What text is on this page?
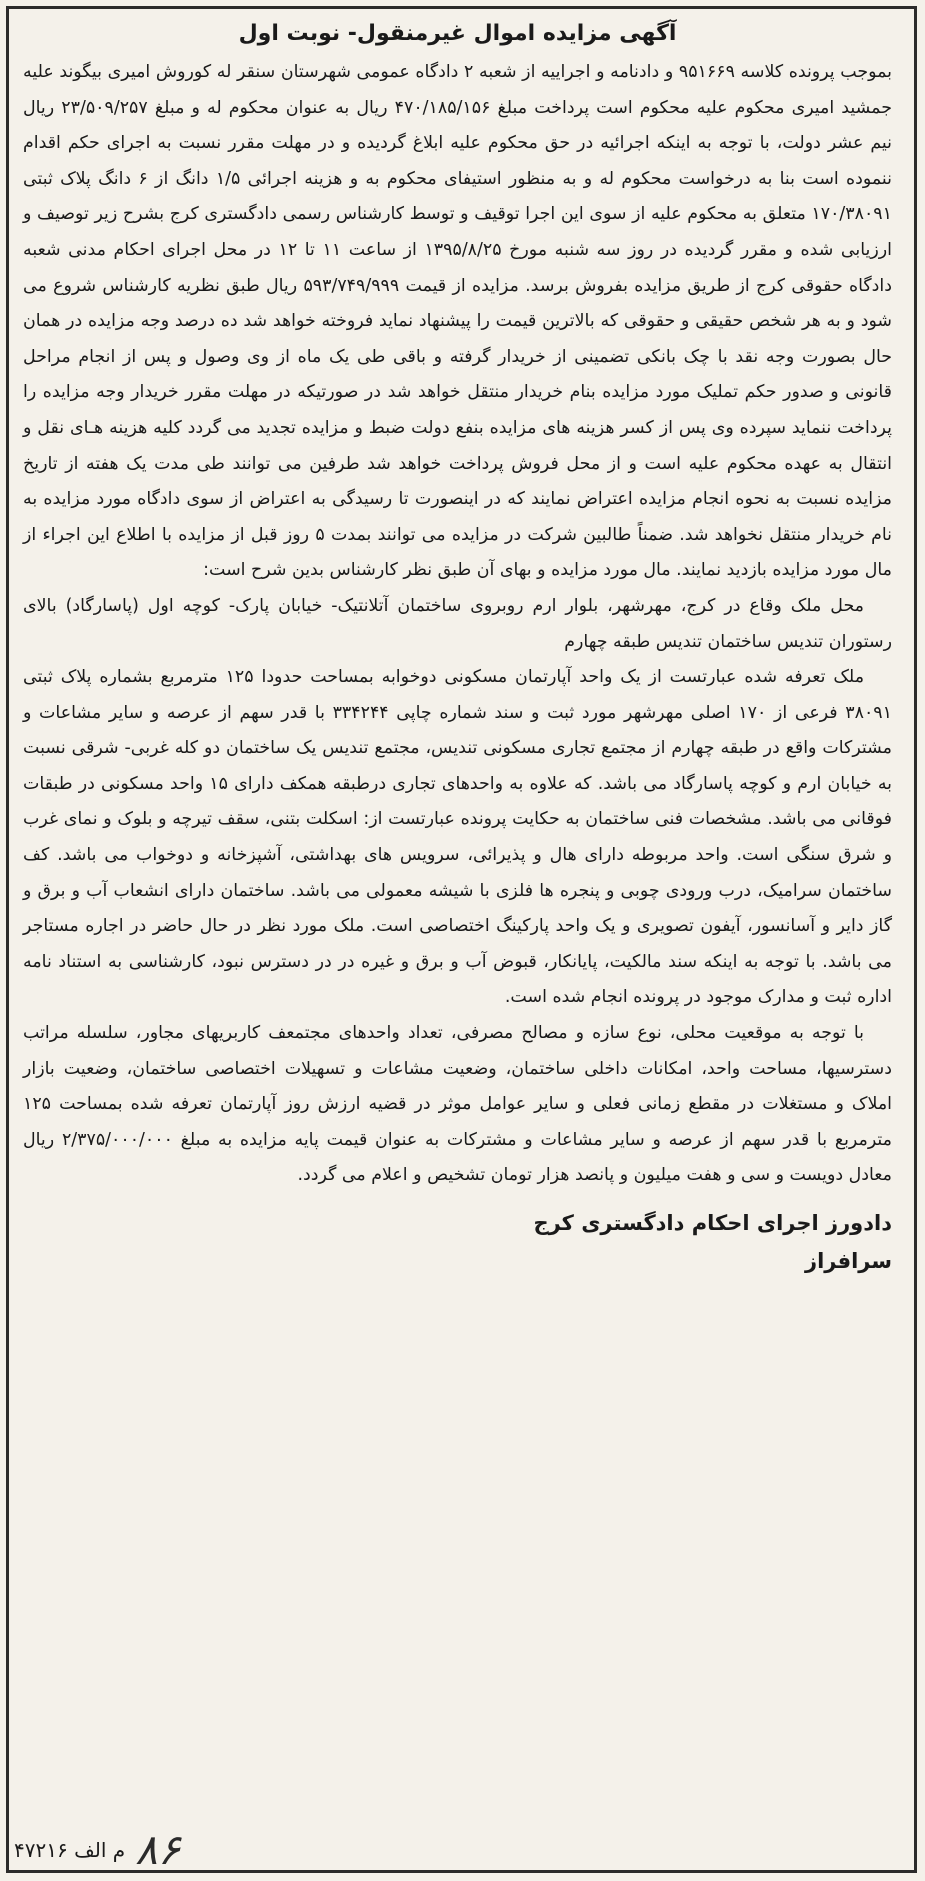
آگهی مزایده اموال غیرمنقول- نوبت اول

بموجب پرونده کلاسه ۹۵۱۶۶۹ و دادنامه و اجراییه از شعبه ۲ دادگاه عمومی شهرستان سنقر له کوروش امیری بیگوند علیه جمشید امیری محکوم علیه محکوم است پرداخت مبلغ ۴۷۰/۱۸۵/۱۵۶ ریال به عنوان محکوم له و مبلغ ۲۳/۵۰۹/۲۵۷ ریال نیم عشر دولت، با توجه به اینکه اجرائیه در حق محکوم علیه ابلاغ گردیده و در مهلت مقرر نسبت به اجرای حکم اقدام ننموده است بنا به درخواست محکوم له و به منظور استیفای محکوم به و هزینه اجرائی ۱/۵ دانگ از ۶ دانگ پلاک ثبتی ۱۷۰/۳۸۰۹۱ متعلق به محکوم علیه از سوی این اجرا توقیف و توسط کارشناس رسمی دادگستری کرج بشرح زیر توصیف و ارزیابی شده و مقرر گردیده در روز سه شنبه مورخ ۱۳۹۵/۸/۲۵ از ساعت ۱۱ تا ۱۲ در محل اجرای احکام مدنی شعبه دادگاه حقوقی کرج از طریق مزایده بفروش برسد. مزایده از قیمت ۵۹۳/۷۴۹/۹۹۹ ریال طبق نظریه کارشناس شروع می شود و به هر شخص حقیقی و حقوقی که بالاترین قیمت را پیشنهاد نماید فروخته خواهد شد ده درصد وجه مزایده در همان حال بصورت وجه نقد با چک بانکی تضمینی از خریدار گرفته و باقی طی یک ماه از وی وصول و پس از انجام مراحل قانونی و صدور حکم تملیک مورد مزایده بنام خریدار منتقل خواهد شد در صورتیکه در مهلت مقرر خریدار وجه مزایده را پرداخت ننماید سپرده وی پس از کسر هزینه های مزایده بنفع دولت ضبط و مزایده تجدید می گردد کلیه هزینه هـای نقل و انتقال به عهده محکوم علیه است و از محل فروش پرداخت خواهد شد طرفین می توانند طی مدت یک هفته از تاریخ مزایده نسبت به نحوه انجام مزایده اعتراض نمایند که در اینصورت تا رسیدگی به اعتراض از سوی دادگاه مورد مزایده به نام خریدار منتقل نخواهد شد. ضمناً طالبین شرکت در مزایده می توانند بمدت ۵ روز قبل از مزایده با اطلاع این اجراء از مال مورد مزایده بازدید نمایند. مال مورد مزایده و بهای آن طبق نظر کارشناس بدین شرح است:

محل ملک وقاع در کرج، مهرشهر، بلوار ارم روبروی ساختمان آتلانتیک- خیابان پارک- کوچه اول (پاسارگاد) بالای رستوران تندیس ساختمان تندیس طبقه چهارم

ملک تعرفه شده عبارتست از یک واحد آپارتمان مسکونی دوخوابه بمساحت حدودا ۱۲۵ مترمربع بشماره پلاک ثبتی ۳۸۰۹۱ فرعی از ۱۷۰ اصلی مهرشهر مورد ثبت و سند شماره چاپی ۳۳۴۲۴۴ با قدر سهم از عرصه و سایر مشاعات و مشترکات واقع در طبقه چهارم از مجتمع تجاری مسکونی تندیس، مجتمع تندیس یک ساختمان دو کله غربی- شرقی نسبت به خیابان ارم و کوچه پاسارگاد می باشد. که علاوه به واحدهای تجاری درطبقه همکف دارای ۱۵ واحد مسکونی در طبقات فوقانی می باشد. مشخصات فنی ساختمان به حکایت پرونده عبارتست از: اسکلت بتنی، سقف تیرچه و بلوک و نمای غرب و شرق سنگی است. واحد مربوطه دارای هال و پذیرائی، سرویس های بهداشتی، آشپزخانه و دوخواب می باشد. کف ساختمان سرامیک، درب ورودی چوبی و پنجره ها فلزی با شیشه معمولی می باشد. ساختمان دارای انشعاب آب و برق و گاز دایر و آسانسور، آیفون تصویری و یک واحد پارکینگ اختصاصی است. ملک مورد نظر در حال حاضر در اجاره مستاجر می باشد. با توجه به اینکه سند مالکیت، پایانکار، قبوض آب و برق و غیره در در دسترس نبود، کارشناسی به استناد نامه اداره ثبت و مدارک موجود در پرونده انجام شده است.

با توجه به موقعیت محلی، نوع سازه و مصالح مصرفی، تعداد واحدهای مجتمعف کاربریهای مجاور، سلسله مراتب دسترسیها، مساحت واحد، امکانات داخلی ساختمان، وضعیت مشاعات و تسهیلات اختصاصی ساختمان، وضعیت بازار املاک و مستغلات در مقطع زمانی فعلی و سایر عوامل موثر در قضیه ارزش روز آپارتمان تعرفه شده بمساحت ۱۲۵ مترمربع با قدر سهم از عرصه و سایر مشاعات و مشترکات به عنوان قیمت پایه مزایده به مبلغ ۲/۳۷۵/۰۰۰/۰۰۰ ریال معادل دویست و سی و هفت میلیون و پانصد هزار تومان تشخیص و اعلام می گردد.

دادورز اجرای احکام دادگستری کرج
سرافراز
۸۶
م الف ۴۷۲۱۶
